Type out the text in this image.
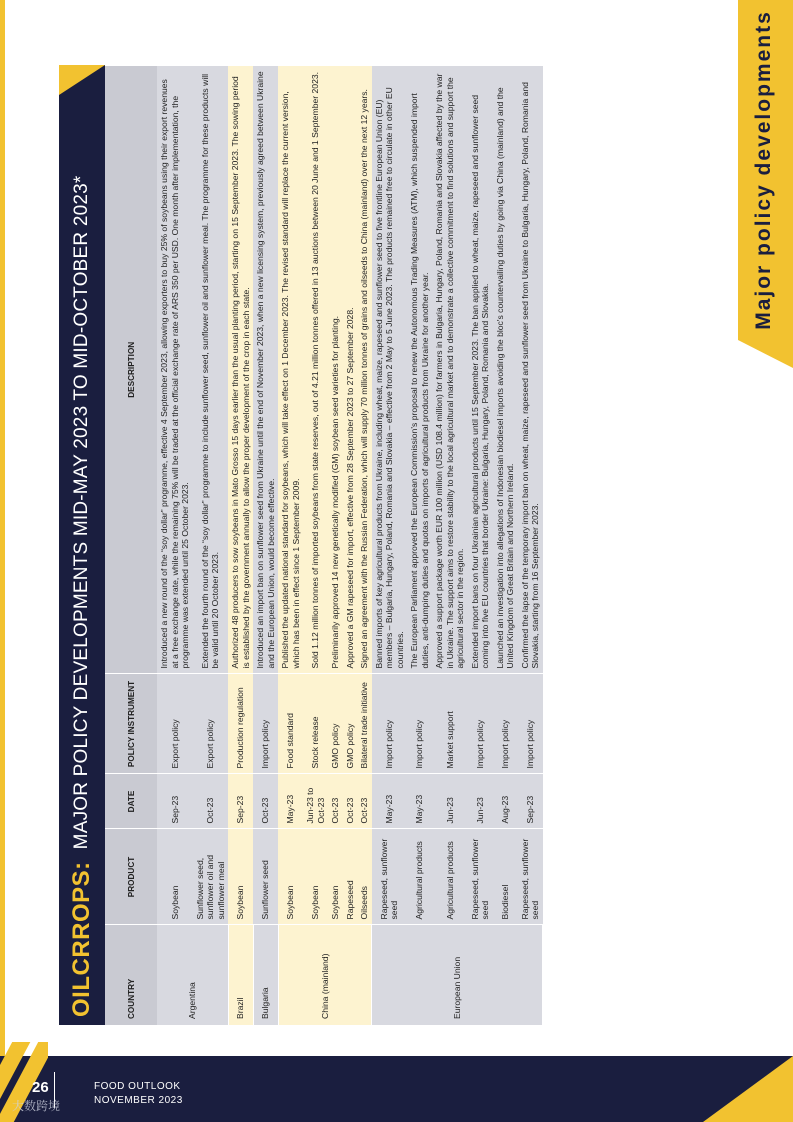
Major policy developments
OILCRROPS:
MAJOR POLICY DEVELOPMENTS MID-MAY 2023 TO MID-OCTOBER 2023*
COUNTRY	PRODUCT	DATE	POLICY INSTRUMENT	DESCRIPTION
Argentina	Soybean	Sep-23	Export policy	Introduced a new round of the “soy dollar” programme, effective 4 September 2023, allowing exporters to buy 25% of soybeans using their export revenues at a free exchange rate, while the remaining 75% will be traded at the official exchange rate of ARS 350 per USD. One month after implementation, the programme was extended until 25 October 2023.
	Sunflower seed, sunflower oil and sunflower meal	Oct-23	Export policy	Extended the fourth round of the “soy dollar” programme to include sunflower seed, sunflower oil and sunflower meal. The programme for these products will be valid until 20 October 2023.
Brazil	Soybean	Sep-23	Production regulation	Authorized 48 producers to sow soybeans in Mato Grosso 15 days earlier than the usual planting period, starting on 15 September 2023. The sowing period is established by the government annually to allow the proper development of the crop in each state.
Bulgaria	Sunflower seed	Oct-23	Import policy	Introduced an import ban on sunflower seed from Ukraine until the end of November 2023, when a new licensing system, previously agreed between Ukraine and the European Union, would become effective.
China (mainland)	Soybean	May-23	Food standard	Published the updated national standard for soybeans, which will take effect on 1 December 2023. The revised standard will replace the current version, which has been in effect since 1 September 2009.
	Soybean	Jun-23 to Oct-23	Stock release	Sold 1.12 million tonnes of imported soybeans from state reserves, out of 4.21 million tonnes offered in 13 auctions between 20 June and 1 September 2023.
	Soybean	Oct-23	GMO policy	Preliminarily approved 14 new genetically modified (GM) soybean seed varieties for planting.
	Rapeseed	Oct-23	GMO policy	Approved a GM rapeseed for import, effective from 28 September 2023 to 27 September 2028.
	Oilseeds	Oct-23	Bilateral trade initiative	Signed an agreement with the Russian Federation, which will supply 70 million tonnes of grains and oilseeds to China (mainland) over the next 12 years.
European Union	Rapeseed, sunflower seed	May-23	Import policy	Banned imports of key agricultural products from Ukraine, including wheat, maize, rapeseed and sunflower seed to five frontline European Union (EU) members – Bulgaria, Hungary, Poland, Romania and Slovakia – effective from 2 May to 5 June 2023. The products remained free to circulate in other EU countries.
	Agricultural products	May-23	Import policy	The European Parliament approved the European Commission’s proposal to renew the Autonomous Trading Measures (ATM), which suspended import duties, anti-dumping duties and quotas on imports of agricultural products from Ukraine for another year.
	Agricultural products	Jun-23	Market support	Approved a support package worth EUR 100 million (USD 108.4 million) for farmers in Bulgaria, Hungary, Poland, Romania and Slovakia affected by the war in Ukraine. The support aims to restore stability to the local agricultural market and to demonstrate a collective commitment to find solutions and support the agricultural sector in the region.
	Rapeseed, sunflower seed	Jun-23	Import policy	Extended import bans on four Ukrainian agricultural products until 15 September 2023. The ban applied to wheat, maize, rapeseed and sunflower seed coming into five EU countries that border Ukraine: Bulgaria, Hungary, Poland, Romania and Slovakia.
	Biodiesel	Aug-23	Import policy	Launched an investigation into allegations of Indonesian biodiesel imports avoiding the bloc's countervailing duties by going via China (mainland) and the United Kingdom of Great Britain and Northern Ireland.
	Rapeseed, sunflower seed	Sep-23	Import policy	Confirmed the lapse of the temporary import ban on wheat, maize, rapeseed and sunflower seed from Ukraine to Bulgaria, Hungary, Poland, Romania and Slovakia, starting from 16 September 2023.
26	FOOD OUTLOOK
NOVEMBER 2023
大数跨境
